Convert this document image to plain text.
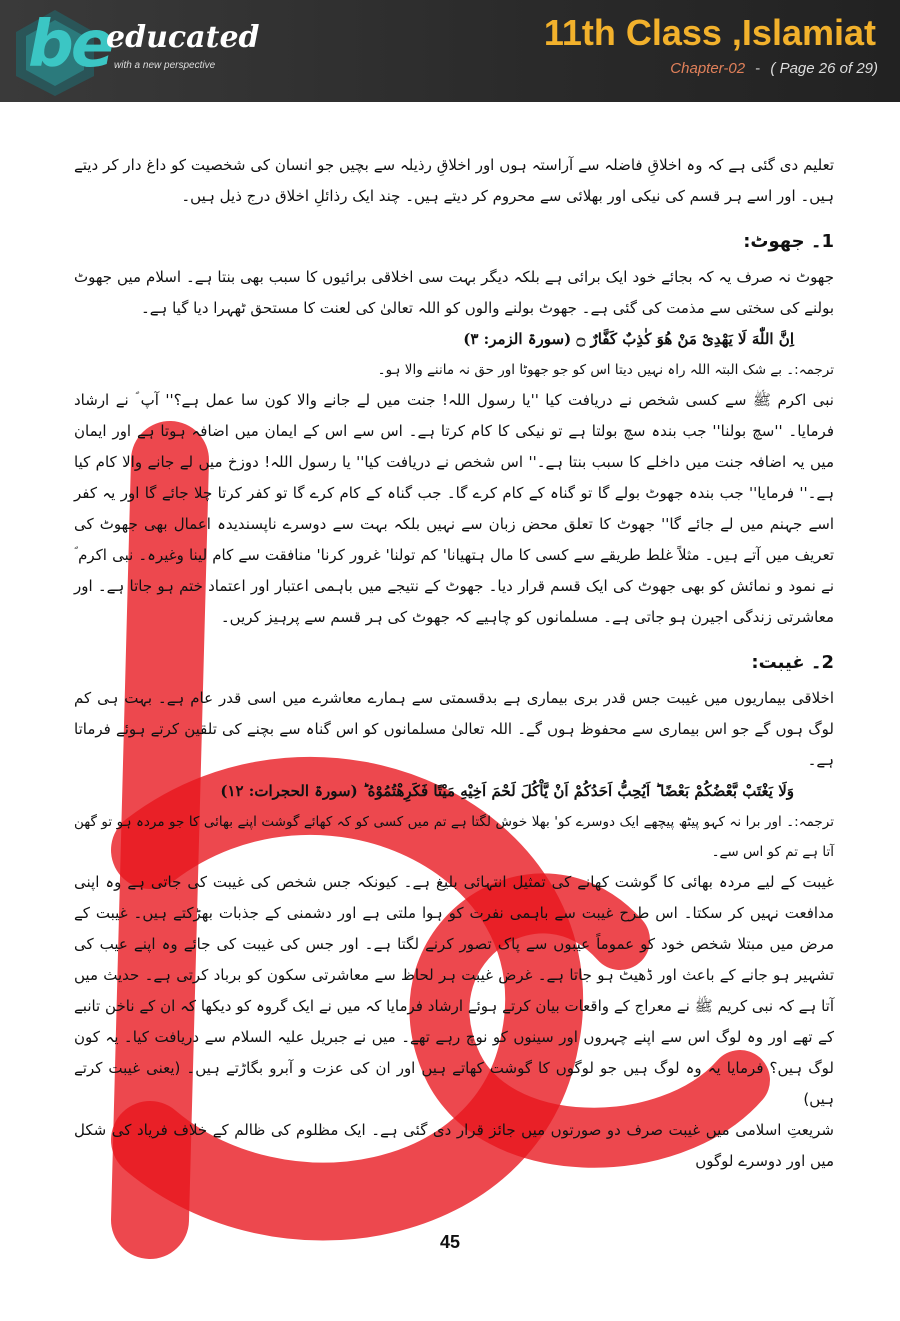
be
educated
with a new perspective
11th Class ,Islamiat
Chapter-02 - ( Page 26 of 29)

تعلیم دی گئی ہے کہ وہ اخلاقِ فاضلہ سے آراستہ ہوں اور اخلاقِ رذیلہ سے بچیں جو انسان کی شخصیت کو داغ دار کر دیتے ہیں۔ اور اسے ہر قسم کی نیکی اور بھلائی سے محروم کر دیتے ہیں۔ چند ایک رذائلِ اخلاق درج ذیل ہیں۔

1۔ جھوٹ:

جھوٹ نہ صرف یہ کہ بجائے خود ایک برائی ہے بلکہ دیگر بہت سی اخلاقی برائیوں کا سبب بھی بنتا ہے۔ اسلام میں جھوٹ بولنے کی سختی سے مذمت کی گئی ہے۔ جھوٹ بولنے والوں کو اللہ تعالیٰ کی لعنت کا مستحق ٹھہرا دیا گیا ہے۔

اِنَّ اللّٰهَ لَا يَهْدِىْ مَنْ هُوَ كٰذِبٌ كَفَّارٌ ۝ (سورۃ الزمر: ۳)

ترجمہ:۔ بے شک البتہ اللہ راہ نہیں دیتا اس کو جو جھوٹا اور حق نہ ماننے والا ہو۔

نبی اکرم ﷺ سے کسی شخص نے دریافت کیا ''یا رسول اللہ! جنت میں لے جانے والا کون سا عمل ہے؟'' آپ ؐ نے ارشاد فرمایا۔ ''سچ بولنا'' جب بندہ سچ بولتا ہے تو نیکی کا کام کرتا ہے۔ اس سے اس کے ایمان میں اضافہ ہوتا ہے اور ایمان میں یہ اضافہ جنت میں داخلے کا سبب بنتا ہے۔'' اس شخص نے دریافت کیا'' یا رسول اللہ! دوزخ میں لے جانے والا کام کیا ہے۔'' فرمایا'' جب بندہ جھوٹ بولے گا تو گناہ کے کام کرے گا۔ جب گناہ کے کام کرے گا تو کفر کرتا چلا جائے گا اور یہ کفر اسے جہنم میں لے جائے گا'' جھوٹ کا تعلق محض زبان سے نہیں بلکہ بہت سے دوسرے ناپسندیدہ اعمال بھی جھوٹ کی تعریف میں آتے ہیں۔ مثلاً غلط طریقے سے کسی کا مال ہتھیانا' کم تولنا' غرور کرنا' منافقت سے کام لینا وغیرہ۔ نبی اکرم ؐ نے نمود و نمائش کو بھی جھوٹ کی ایک قسم قرار دیا۔ جھوٹ کے نتیجے میں باہمی اعتبار اور اعتماد ختم ہو جاتا ہے۔ اور معاشرتی زندگی اجیرن ہو جاتی ہے۔ مسلمانوں کو چاہیے کہ جھوٹ کی ہر قسم سے پرہیز کریں۔

2۔ غیبت:

اخلاقی بیماریوں میں غیبت جس قدر بری بیماری ہے بدقسمتی سے ہمارے معاشرے میں اسی قدر عام ہے۔ بہت ہی کم لوگ ہوں گے جو اس بیماری سے محفوظ ہوں گے۔ اللہ تعالیٰ مسلمانوں کو اس گناہ سے بچنے کی تلقین کرتے ہوئے فرماتا ہے۔

وَلَا يَغْتَبْ بَّعْضُكُمْ بَعْضًا ؕ اَيُحِبُّ اَحَدُكُمْ اَنْ يَّاْكُلَ لَحْمَ اَخِيْهِ مَيْتًا فَكَرِهْتُمُوْهُ ؕ (سورۃ الحجرات: ۱۲)

ترجمہ:۔ اور برا نہ کہو پیٹھ پیچھے ایک دوسرے کو' بھلا خوش لگتا ہے تم میں کسی کو کہ کھائے گوشت اپنے بھائی کا جو مردہ ہو تو گھن آتا ہے تم کو اس سے۔

غیبت کے لیے مردہ بھائی کا گوشت کھانے کی تمثیل انتہائی بلیغ ہے۔ کیونکہ جس شخص کی غیبت کی جاتی ہے وہ اپنی مدافعت نہیں کر سکتا۔ اس طرح غیبت سے باہمی نفرت کو ہوا ملتی ہے اور دشمنی کے جذبات بھڑکتے ہیں۔ غیبت کے مرض میں مبتلا شخص خود کو عموماً عیبوں سے پاک تصور کرنے لگتا ہے۔ اور جس کی غیبت کی جائے وہ اپنے عیب کی تشہیر ہو جانے کے باعث اور ڈھیٹ ہو جاتا ہے۔ غرض غیبت ہر لحاظ سے معاشرتی سکون کو برباد کرتی ہے۔ حدیث میں آتا ہے کہ نبی کریم ﷺ نے معراج کے واقعات بیان کرتے ہوئے ارشاد فرمایا کہ میں نے ایک گروہ کو دیکھا کہ ان کے ناخن تانبے کے تھے اور وہ لوگ اس سے اپنے چہروں اور سینوں کو نوچ رہے تھے۔ میں نے جبریل علیہ السلام سے دریافت کیا۔ یہ کون لوگ ہیں؟ فرمایا یہ وہ لوگ ہیں جو لوگوں کا گوشت کھاتے ہیں اور ان کی عزت و آبرو بگاڑتے ہیں۔ (یعنی غیبت کرتے ہیں)

شریعتِ اسلامی میں غیبت صرف دو صورتوں میں جائز قرار دی گئی ہے۔ ایک مظلوم کی ظالم کے خلاف فریاد کی شکل میں اور دوسرے لوگوں

45
